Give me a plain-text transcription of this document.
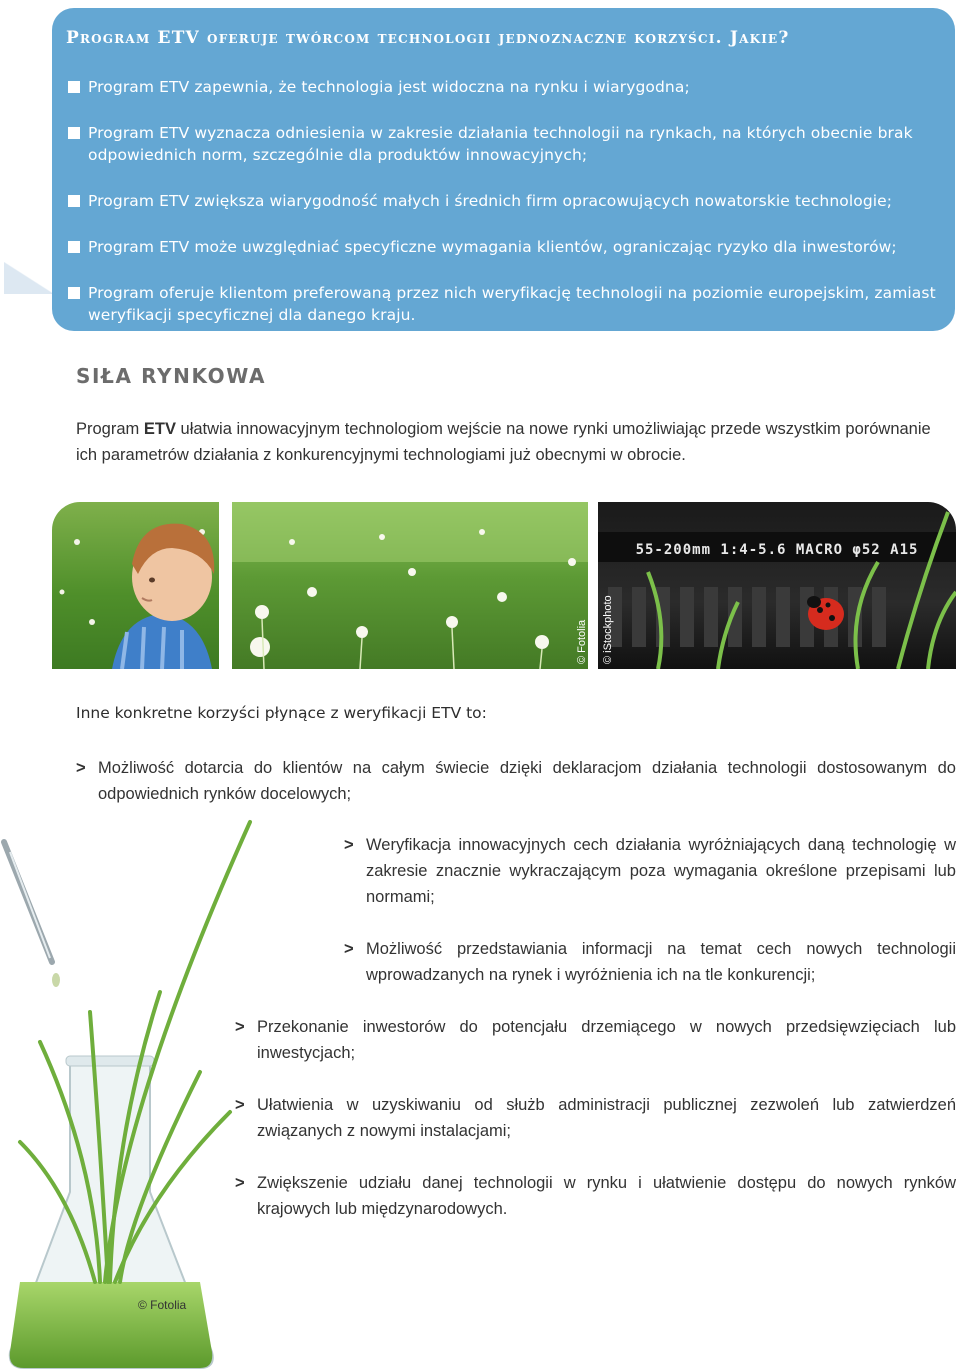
Program ETV oferuje twórcom technologii jednoznaczne korzyści. Jakie?
Program ETV zapewnia, że technologia jest widoczna na rynku i wiarygodna;
Program ETV wyznacza odniesienia w zakresie działania technologii na rynkach, na których obecnie brak odpowiednich norm, szczególnie dla produktów innowacyjnych;
Program ETV zwiększa wiarygodność małych i średnich firm opracowujących nowatorskie technologie;
Program ETV może uwzględniać specyficzne wymagania klientów, ograniczając ryzyko dla inwestorów;
Program oferuje klientom preferowaną przez nich weryfikację technologii na poziomie europejskim, zamiast weryfikacji specyficznej dla danego kraju.
SIŁA RYNKOWA

Program ETV ułatwia innowacyjnym technologiom wejście na nowe rynki umożliwiając przede wszystkim porównanie ich parametrów działania z konkurencyjnymi technologiami już obecnymi w obrocie.

© Fotolia
55-200mm 1:4-5.6 MACRO φ52 A15
© iStockphoto
© Fotolia

Inne konkretne korzyści płynące z weryfikacji ETV to:

> Możliwość dotarcia do klientów na całym świecie dzięki deklaracjom działania technologii dostosowanym do odpowiednich rynków docelowych;

> Weryfikacja innowacyjnych cech działania wyróżniających daną technologię w zakresie znacznie wykraczającym poza wymagania określone przepisami lub normami;

> Możliwość przedstawiania informacji na temat cech nowych technologii wprowadzanych na rynek i wyróżnienia ich na tle konkurencji;

> Przekonanie inwestorów do potencjału drzemiącego w nowych przedsięwzięciach lub inwestycjach;

> Ułatwienia w uzyskiwaniu od służb administracji publicznej zezwoleń lub zatwierdzeń związanych z nowymi instalacjami;

> Zwiększenie udziału danej technologii w rynku i ułatwienie dostępu do nowych rynków krajowych lub międzynarodowych.
